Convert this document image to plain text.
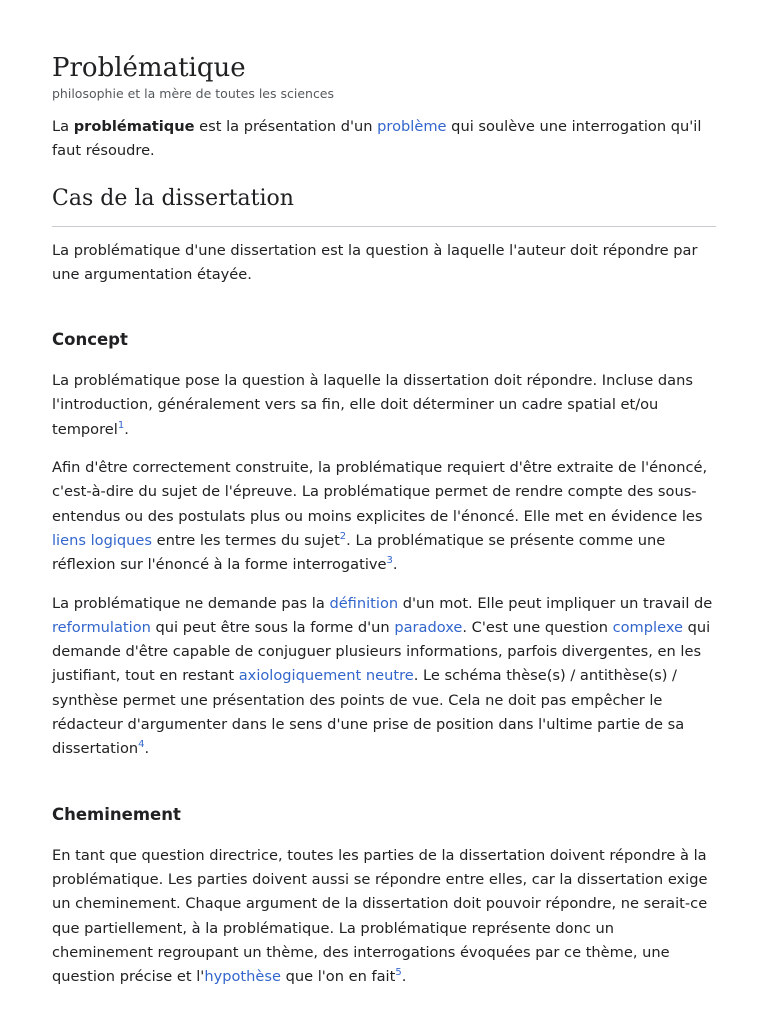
Problématique
philosophie et la mère de toutes les sciences

La problématique est la présentation d'un problème qui soulève une interrogation qu'il faut résoudre.

Cas de la dissertation

La problématique d'une dissertation est la question à laquelle l'auteur doit répondre par une argumentation étayée.

Concept

La problématique pose la question à laquelle la dissertation doit répondre. Incluse dans l'introduction, généralement vers sa fin, elle doit déterminer un cadre spatial et/ou temporel$^1$.

Afin d'être correctement construite, la problématique requiert d'être extraite de l'énoncé, c'est-à-dire du sujet de l'épreuve. La problématique permet de rendre compte des sous-entendus ou des postulats plus ou moins explicites de l'énoncé. Elle met en évidence les liens logiques entre les termes du sujet$^2$. La problématique se présente comme une réflexion sur l'énoncé à la forme interrogative$^3$.

La problématique ne demande pas la définition d'un mot. Elle peut impliquer un travail de reformulation qui peut être sous la forme d'un paradoxe. C'est une question complexe qui demande d'être capable de conjuguer plusieurs informations, parfois divergentes, en les justifiant, tout en restant axiologiquement neutre. Le schéma thèse(s) / antithèse(s) / synthèse permet une présentation des points de vue. Cela ne doit pas empêcher le rédacteur d'argumenter dans le sens d'une prise de position dans l'ultime partie de sa dissertation$^4$.

Cheminement

En tant que question directrice, toutes les parties de la dissertation doivent répondre à la problématique. Les parties doivent aussi se répondre entre elles, car la dissertation exige un cheminement. Chaque argument de la dissertation doit pouvoir répondre, ne serait-ce que partiellement, à la problématique. La problématique représente donc un cheminement regroupant un thème, des interrogations évoquées par ce thème, une question précise et l'hypothèse que l'on en fait$^5$.
